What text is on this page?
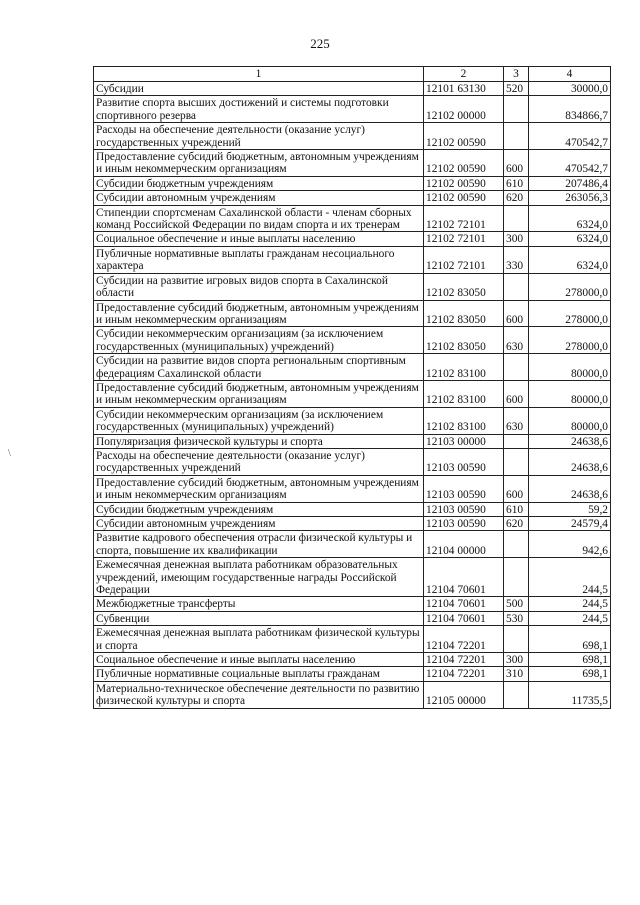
225
\
1	2	3	4
Субсидии	12101 63130	520	30000,0
Развитие спорта высших достижений и системы подготовки спортивного резерва	12102 00000		834866,7
Расходы на обеспечение деятельности (оказание услуг) государственных учреждений	12102 00590		470542,7
Предоставление субсидий бюджетным, автономным учреждениям и иным некоммерческим организациям	12102 00590	600	470542,7
Субсидии бюджетным учреждениям	12102 00590	610	207486,4
Субсидии автономным учреждениям	12102 00590	620	263056,3
Стипендии спортсменам Сахалинской области - членам сборных команд Российской Федерации по видам спорта и их тренерам	12102 72101		6324,0
Социальное обеспечение и иные выплаты населению	12102 72101	300	6324,0
Публичные нормативные выплаты гражданам несоциального характера	12102 72101	330	6324,0
Субсидии на развитие игровых видов спорта в Сахалинской области	12102 83050		278000,0
Предоставление субсидий бюджетным, автономным учреждениям и иным некоммерческим организациям	12102 83050	600	278000,0
Субсидии некоммерческим организациям (за исключением государственных (муниципальных) учреждений)	12102 83050	630	278000,0
Субсидии на развитие видов спорта региональным спортивным федерациям Сахалинской области	12102 83100		80000,0
Предоставление субсидий бюджетным, автономным учреждениям и иным некоммерческим организациям	12102 83100	600	80000,0
Субсидии некоммерческим организациям (за исключением государственных (муниципальных) учреждений)	12102 83100	630	80000,0
Популяризация физической культуры и спорта	12103 00000		24638,6
Расходы на обеспечение деятельности (оказание услуг) государственных учреждений	12103 00590		24638,6
Предоставление субсидий бюджетным, автономным учреждениям и иным некоммерческим организациям	12103 00590	600	24638,6
Субсидии бюджетным учреждениям	12103 00590	610	59,2
Субсидии автономным учреждениям	12103 00590	620	24579,4
Развитие кадрового обеспечения отрасли физической культуры и спорта, повышение их квалификации	12104 00000		942,6
Ежемесячная денежная выплата работникам образовательных учреждений, имеющим государственные награды Российской Федерации	12104 70601		244,5
Межбюджетные трансферты	12104 70601	500	244,5
Субвенции	12104 70601	530	244,5
Ежемесячная денежная выплата работникам физической культуры и спорта	12104 72201		698,1
Социальное обеспечение и иные выплаты населению	12104 72201	300	698,1
Публичные нормативные социальные выплаты гражданам	12104 72201	310	698,1
Материально-техническое обеспечение деятельности по развитию физической культуры и спорта	12105 00000		11735,5
